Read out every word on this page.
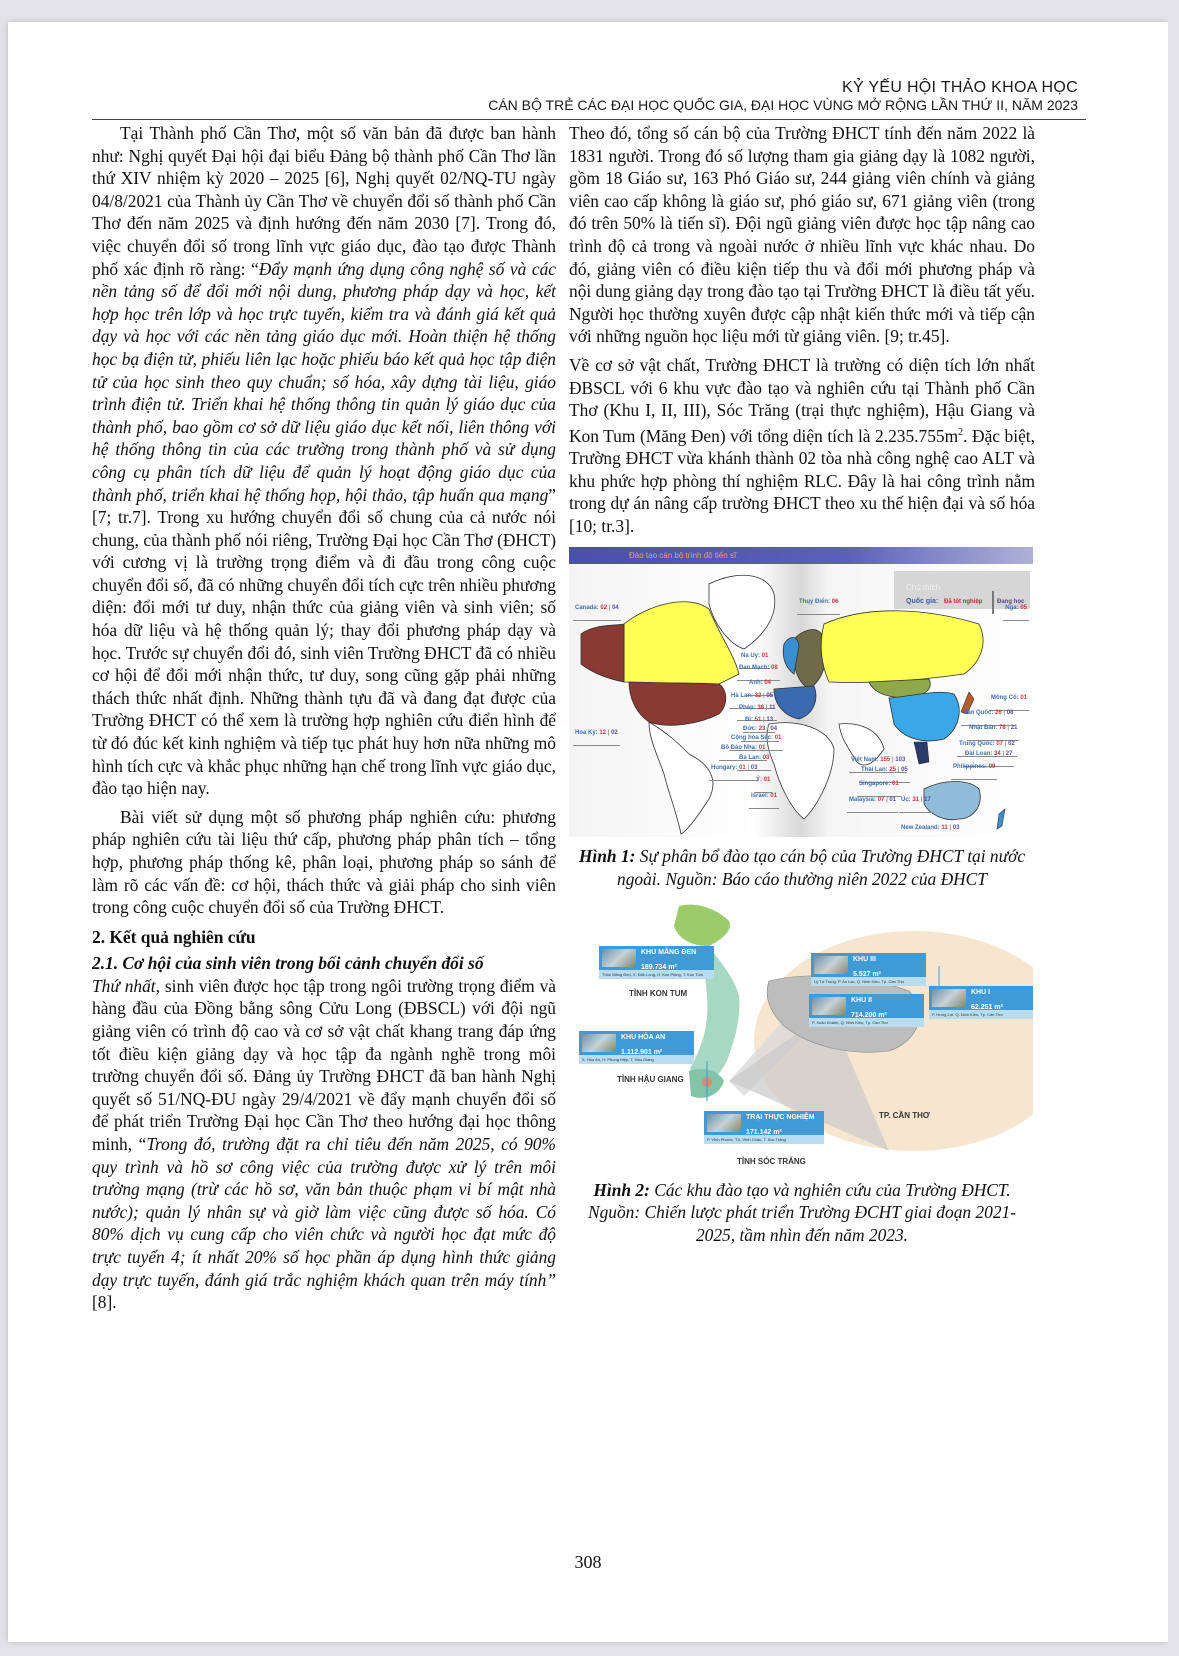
KỶ YẾU HỘI THẢO KHOA HỌC
CÁN BỘ TRẺ CÁC ĐẠI HỌC QUỐC GIA, ĐẠI HỌC VÙNG MỞ RỘNG LẦN THỨ II, NĂM 2023

Tại Thành phố Cần Thơ, một số văn bản đã được ban hành như: Nghị quyết Đại hội đại biểu Đảng bộ thành phố Cần Thơ lần thứ XIV nhiệm kỳ 2020 – 2025 [6], Nghị quyết 02/NQ-TU ngày 04/8/2021 của Thành ủy Cần Thơ về chuyển đổi số thành phố Cần Thơ đến năm 2025 và định hướng đến năm 2030 [7]. Trong đó, việc chuyển đổi số trong lĩnh vực giáo dục, đào tạo được Thành phố xác định rõ ràng: “Đẩy mạnh ứng dụng công nghệ số và các nền tảng số để đổi mới nội dung, phương pháp dạy và học, kết hợp học trên lớp và học trực tuyến, kiểm tra và đánh giá kết quả dạy và học với các nền tảng giáo dục mới. Hoàn thiện hệ thống học bạ điện tử, phiếu liên lạc hoặc phiếu báo kết quả học tập điện tử của học sinh theo quy chuẩn; số hóa, xây dựng tài liệu, giáo trình điện tử. Triển khai hệ thống thông tin quản lý giáo dục của thành phố, bao gồm cơ sở dữ liệu giáo dục kết nối, liên thông với hệ thống thông tin của các trường trong thành phố và sử dụng công cụ phân tích dữ liệu để quản lý hoạt động giáo dục của thành phố, triển khai hệ thống họp, hội thảo, tập huấn qua mạng” [7; tr.7]. Trong xu hướng chuyển đổi số chung của cả nước nói chung, của thành phố nói riêng, Trường Đại học Cần Thơ (ĐHCT) với cương vị là trường trọng điểm và đi đầu trong công cuộc chuyển đổi số, đã có những chuyển đổi tích cực trên nhiều phương diện: đổi mới tư duy, nhận thức của giảng viên và sinh viên; số hóa dữ liệu và hệ thống quản lý; thay đổi phương pháp dạy và học. Trước sự chuyển đổi đó, sinh viên Trường ĐHCT đã có nhiều cơ hội để đổi mới nhận thức, tư duy, song cũng gặp phải những thách thức nhất định. Những thành tựu đã và đang đạt được của Trường ĐHCT có thể xem là trường hợp nghiên cứu điển hình để từ đó đúc kết kinh nghiệm và tiếp tục phát huy hơn nữa những mô hình tích cực và khắc phục những hạn chế trong lĩnh vực giáo dục, đào tạo hiện nay.

Bài viết sử dụng một số phương pháp nghiên cứu: phương pháp nghiên cứu tài liệu thứ cấp, phương pháp phân tích – tổng hợp, phương pháp thống kê, phân loại, phương pháp so sánh để làm rõ các vấn đề: cơ hội, thách thức và giải pháp cho sinh viên trong công cuộc chuyển đổi số của Trường ĐHCT.

2. Kết quả nghiên cứu
2.1. Cơ hội của sinh viên trong bối cảnh chuyển đổi số

Thứ nhất, sinh viên được học tập trong ngôi trường trọng điểm và hàng đầu của Đồng bằng sông Cửu Long (ĐBSCL) với đội ngũ giảng viên có trình độ cao và cơ sở vật chất khang trang đáp ứng tốt điều kiện giảng dạy và học tập đa ngành nghề trong môi trường chuyển đổi số. Đảng ủy Trường ĐHCT đã ban hành Nghị quyết số 51/NQ-ĐU ngày 29/4/2021 về đẩy mạnh chuyển đổi số để phát triển Trường Đại học Cần Thơ theo hướng đại học thông minh, “Trong đó, trường đặt ra chỉ tiêu đến năm 2025, có 90% quy trình và hồ sơ công việc của trường được xử lý trên môi trường mạng (trừ các hồ sơ, văn bản thuộc phạm vi bí mật nhà nước); quản lý nhân sự và giờ làm việc cũng được số hóa. Có 80% dịch vụ cung cấp cho viên chức và người học đạt mức độ trực tuyến 4; ít nhất 20% số học phần áp dụng hình thức giảng dạy trực tuyến, đánh giá trắc nghiệm khách quan trên máy tính” [8].

Theo đó, tổng số cán bộ của Trường ĐHCT tính đến năm 2022 là 1831 người. Trong đó số lượng tham gia giảng dạy là 1082 người, gồm 18 Giáo sư, 163 Phó Giáo sư, 244 giảng viên chính và giảng viên cao cấp không là giáo sư, phó giáo sư, 671 giảng viên (trong đó trên 50% là tiến sĩ). Đội ngũ giảng viên được học tập nâng cao trình độ cả trong và ngoài nước ở nhiều lĩnh vực khác nhau. Do đó, giảng viên có điều kiện tiếp thu và đổi mới phương pháp và nội dung giảng dạy trong đào tạo tại Trường ĐHCT là điều tất yếu. Người học thường xuyên được cập nhật kiến thức mới và tiếp cận với những nguồn học liệu mới từ giảng viên. [9; tr.45].

Về cơ sở vật chất, Trường ĐHCT là trường có diện tích lớn nhất ĐBSCL với 6 khu vực đào tạo và nghiên cứu tại Thành phố Cần Thơ (Khu I, II, III), Sóc Trăng (trại thực nghiệm), Hậu Giang và Kon Tum (Măng Đen) với tổng diện tích là $2.235.755m^2$. Đặc biệt, Trường ĐHCT vừa khánh thành 02 tòa nhà công nghệ cao ALT và khu phức hợp phòng thí nghiệm RLC. Đây là hai công trình nằm trong dự án nâng cấp trường ĐHCT theo xu thế hiện đại và số hóa [10; tr.3].

Đào tạo cán bộ trình độ tiến sĩ
Chú thích
Quốc gia: Đã tốt nghiệp	Đang học
Canada: 02 | 04
Thụy Điển: 06
Nga: 05
Na Uy: 01
Đan Mạch: 08
Anh: 04
Hà Lan: 32 | 05
Pháp: 38 | 11
Bỉ: 51 | 13
Đức: 23 | 04
Cộng hòa Séc: 01
Bồ Đào Nha: 01
Hoa Kỳ: 12 | 02
Ba Lan: 03
Hungary: 01 | 03
Ý: 01
Israel: 01
Mông Cổ: 01
Hàn Quốc: 26 | 08
Nhật Bản: 78 | 21
Trung Quốc: 07 | 02
Đài Loan: 34 | 27
Philippines: 09
Việt Nam: 155 | 103
Thái Lan: 25 | 05
Singapore: 01
Malaysia: 07 | 01 Úc: 31 | 17
New Zealand: 11 | 03
Hình 1: Sự phân bổ đào tạo cán bộ của Trường ĐHCT tại nước ngoài. Nguồn: Báo cáo thường niên 2022 của ĐHCT
KHU MĂNG ĐEN
189.734 m²
Thôn Măng Đen, X. Đăk Long, H. Kon Plông, T. Kon Tum
TỈNH KON TUM
KHU III
5.527 m²
Lý Tự Trọng, P. An Lạc, Q. Ninh Kiều, Tp. Cần Thơ
KHU II
714.200 m²
P. Xuân Khánh, Q. Ninh Kiều, Tp. Cần Thơ
KHU I
62.251 m²
P. Hưng Lợi, Q. Ninh Kiều, Tp. Cần Thơ
KHU HÒA AN
1.112.901 m²
X. Hòa An, H. Phụng Hiệp, T. Hậu Giang
TỈNH HẬU GIANG
TP. CẦN THƠ
TRẠI THỰC NGHIỆM
171.142 m²
P. Vĩnh Phước, TX. Vĩnh Châu, T. Sóc Trăng
TỈNH SÓC TRĂNG
Hình 2: Các khu đào tạo và nghiên cứu của Trường ĐHCT. Nguồn: Chiến lược phát triển Trường ĐCHT giai đoạn 2021-2025, tầm nhìn đến năm 2023.
308
